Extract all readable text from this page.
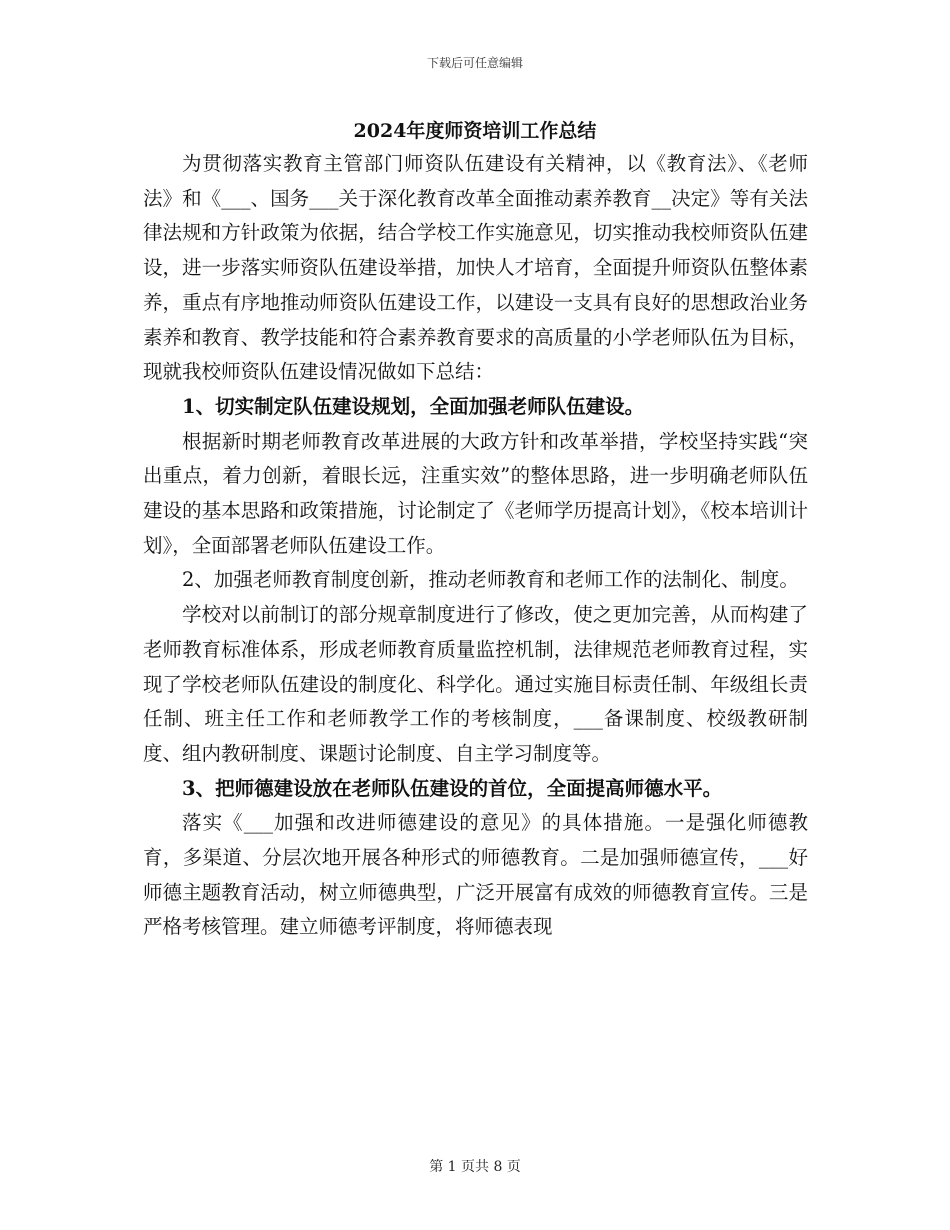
下载后可任意编辑
2024年度师资培训工作总结

为贯彻落实教育主管部门师资队伍建设有关精神，以《教育法》、《老师法》和《___、国务___关于深化教育改革全面推动素养教育__决定》等有关法律法规和方针政策为依据，结合学校工作实施意见，切实推动我校师资队伍建设，进一步落实师资队伍建设举措，加快人才培育，全面提升师资队伍整体素养，重点有序地推动师资队伍建设工作，以建设一支具有良好的思想政治业务素养和教育、教学技能和符合素养教育要求的高质量的小学老师队伍为目标，现就我校师资队伍建设情况做如下总结：

1、切实制定队伍建设规划，全面加强老师队伍建设。

根据新时期老师教育改革进展的大政方针和改革举措，学校坚持实践“突出重点，着力创新，着眼长远，注重实效”的整体思路，进一步明确老师队伍建设的基本思路和政策措施，讨论制定了《老师学历提高计划》，《校本培训计划》，全面部署老师队伍建设工作。

2、加强老师教育制度创新，推动老师教育和老师工作的法制化、制度。

学校对以前制订的部分规章制度进行了修改，使之更加完善，从而构建了老师教育标准体系，形成老师教育质量监控机制，法律规范老师教育过程，实现了学校老师队伍建设的制度化、科学化。通过实施目标责任制、年级组长责任制、班主任工作和老师教学工作的考核制度，___备课制度、校级教研制度、组内教研制度、课题讨论制度、自主学习制度等。

3、把师德建设放在老师队伍建设的首位，全面提高师德水平。

落实《___加强和改进师德建设的意见》的具体措施。一是强化师德教育，多渠道、分层次地开展各种形式的师德教育。二是加强师德宣传，___好师德主题教育活动，树立师德典型，广泛开展富有成效的师德教育宣传。三是严格考核管理。建立师德考评制度，将师德表现

第 1 页共 8 页
